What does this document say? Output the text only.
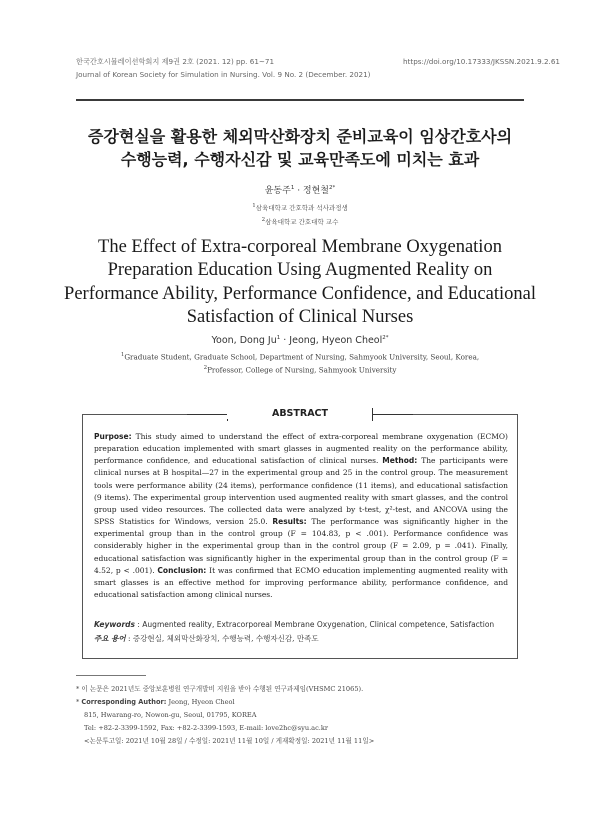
한국간호시뮬레이션학회지 제9권 2호 (2021. 12) pp. 61~71
Journal of Korean Society for Simulation in Nursing. Vol. 9 No. 2 (December. 2021)
https://doi.org/10.17333/JKSSN.2021.9.2.61
증강현실을 활용한 체외막산화장치 준비교육이 임상간호사의
수행능력, 수행자신감 및 교육만족도에 미치는 효과
윤동주$^1$ · 정현철$^{2*}$
$^1$삼육대학교 간호학과 석사과정생
$^2$삼육대학교 간호대학 교수
The Effect of Extra-corporeal Membrane Oxygenation
Preparation Education Using Augmented Reality on
Performance Ability, Performance Confidence, and Educational
Satisfaction of Clinical Nurses
Yoon, Dong $Ju^1$ · Jeong, Hyeon Cheol$^{2*}$
$^1$Graduate Student, Graduate School, Department of Nursing, Sahmyook University, Seoul, Korea,
$^2$Professor, College of Nursing, Sahmyook University
ABSTRACT
Purpose: This study aimed to understand the effect of extra-corporeal membrane oxygenation (ECMO) preparation education implemented with smart glasses in augmented reality on the performance ability, performance confidence, and educational satisfaction of clinical nurses. Method: The participants were clinical nurses at B hospital—27 in the experimental group and 25 in the control group. The measurement tools were performance ability (24 items), performance confidence (11 items), and educational satisfaction (9 items). The experimental group intervention used augmented reality with smart glasses, and the control group used video resources. The collected data were analyzed by t-test, χ²-test, and ANCOVA using the SPSS Statistics for Windows, version 25.0. Results: The performance was significantly higher in the experimental group than in the control group (F = 104.83, p < .001). Performance confidence was considerably higher in the experimental group than in the control group (F = 2.09, p = .041). Finally, educational satisfaction was significantly higher in the experimental group than in the control group (F = 4.52, p < .001). Conclusion: It was confirmed that ECMO education implementing augmented reality with smart glasses is an effective method for improving performance ability, performance confidence, and educational satisfaction among clinical nurses.
Keywords : Augmented reality, Extracorporeal Membrane Oxygenation, Clinical competence, Satisfaction
주요 용어 : 증강현실, 체외막산화장치, 수행능력, 수행자신감, 만족도
* 이 논문은 2021년도 중앙보훈병원 연구개발비 지원을 받아 수행된 연구과제임(VHSMC 21065).
* Corresponding Author: Jeong, Hyeon Cheol
815, Hwarang-ro, Nowon-gu, Seoul, 01795, KOREA
Tel: +82-2-3399-1592, Fax: +82-2-3399-1593, E-mail: love2hc@syu.ac.kr
<논문투고일: 2021년 10월 28일 / 수정일: 2021년 11월 10일 / 게재확정일: 2021년 11월 11일>
